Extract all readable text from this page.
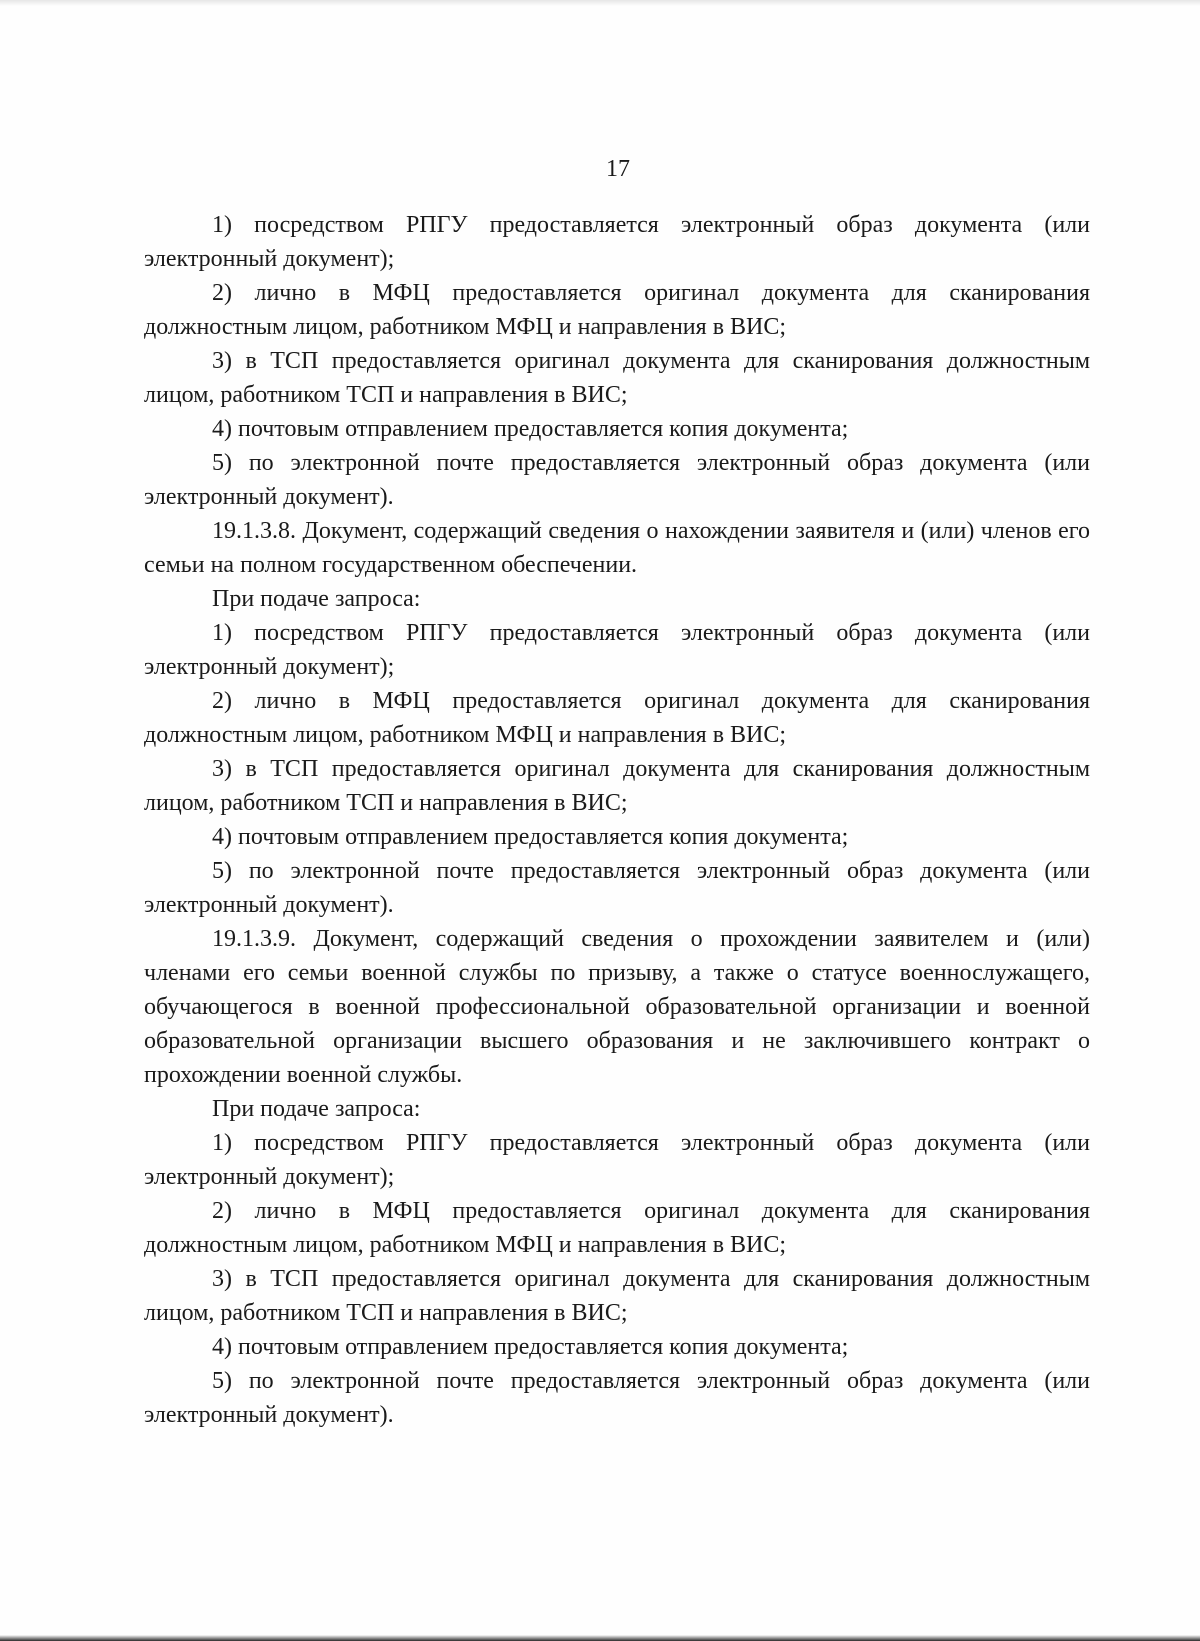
17

1) посредством РПГУ предоставляется электронный образ документа (или электронный документ);

2) лично в МФЦ предоставляется оригинал документа для сканирования должностным лицом, работником МФЦ и направления в ВИС;

3) в ТСП предоставляется оригинал документа для сканирования должностным лицом, работником ТСП и направления в ВИС;

4) почтовым отправлением предоставляется копия документа;

5) по электронной почте предоставляется электронный образ документа (или электронный документ).

19.1.3.8. Документ, содержащий сведения о нахождении заявителя и (или) членов его семьи на полном государственном обеспечении.

При подаче запроса:

1) посредством РПГУ предоставляется электронный образ документа (или электронный документ);

2) лично в МФЦ предоставляется оригинал документа для сканирования должностным лицом, работником МФЦ и направления в ВИС;

3) в ТСП предоставляется оригинал документа для сканирования должностным лицом, работником ТСП и направления в ВИС;

4) почтовым отправлением предоставляется копия документа;

5) по электронной почте предоставляется электронный образ документа (или электронный документ).

19.1.3.9. Документ, содержащий сведения о прохождении заявителем и (или) членами его семьи военной службы по призыву, а также о статусе военнослужащего, обучающегося в военной профессиональной образовательной организации и военной образовательной организации высшего образования и не заключившего контракт о прохождении военной службы.

При подаче запроса:

1) посредством РПГУ предоставляется электронный образ документа (или электронный документ);

2) лично в МФЦ предоставляется оригинал документа для сканирования должностным лицом, работником МФЦ и направления в ВИС;

3) в ТСП предоставляется оригинал документа для сканирования должностным лицом, работником ТСП и направления в ВИС;

4) почтовым отправлением предоставляется копия документа;

5) по электронной почте предоставляется электронный образ документа (или электронный документ).
